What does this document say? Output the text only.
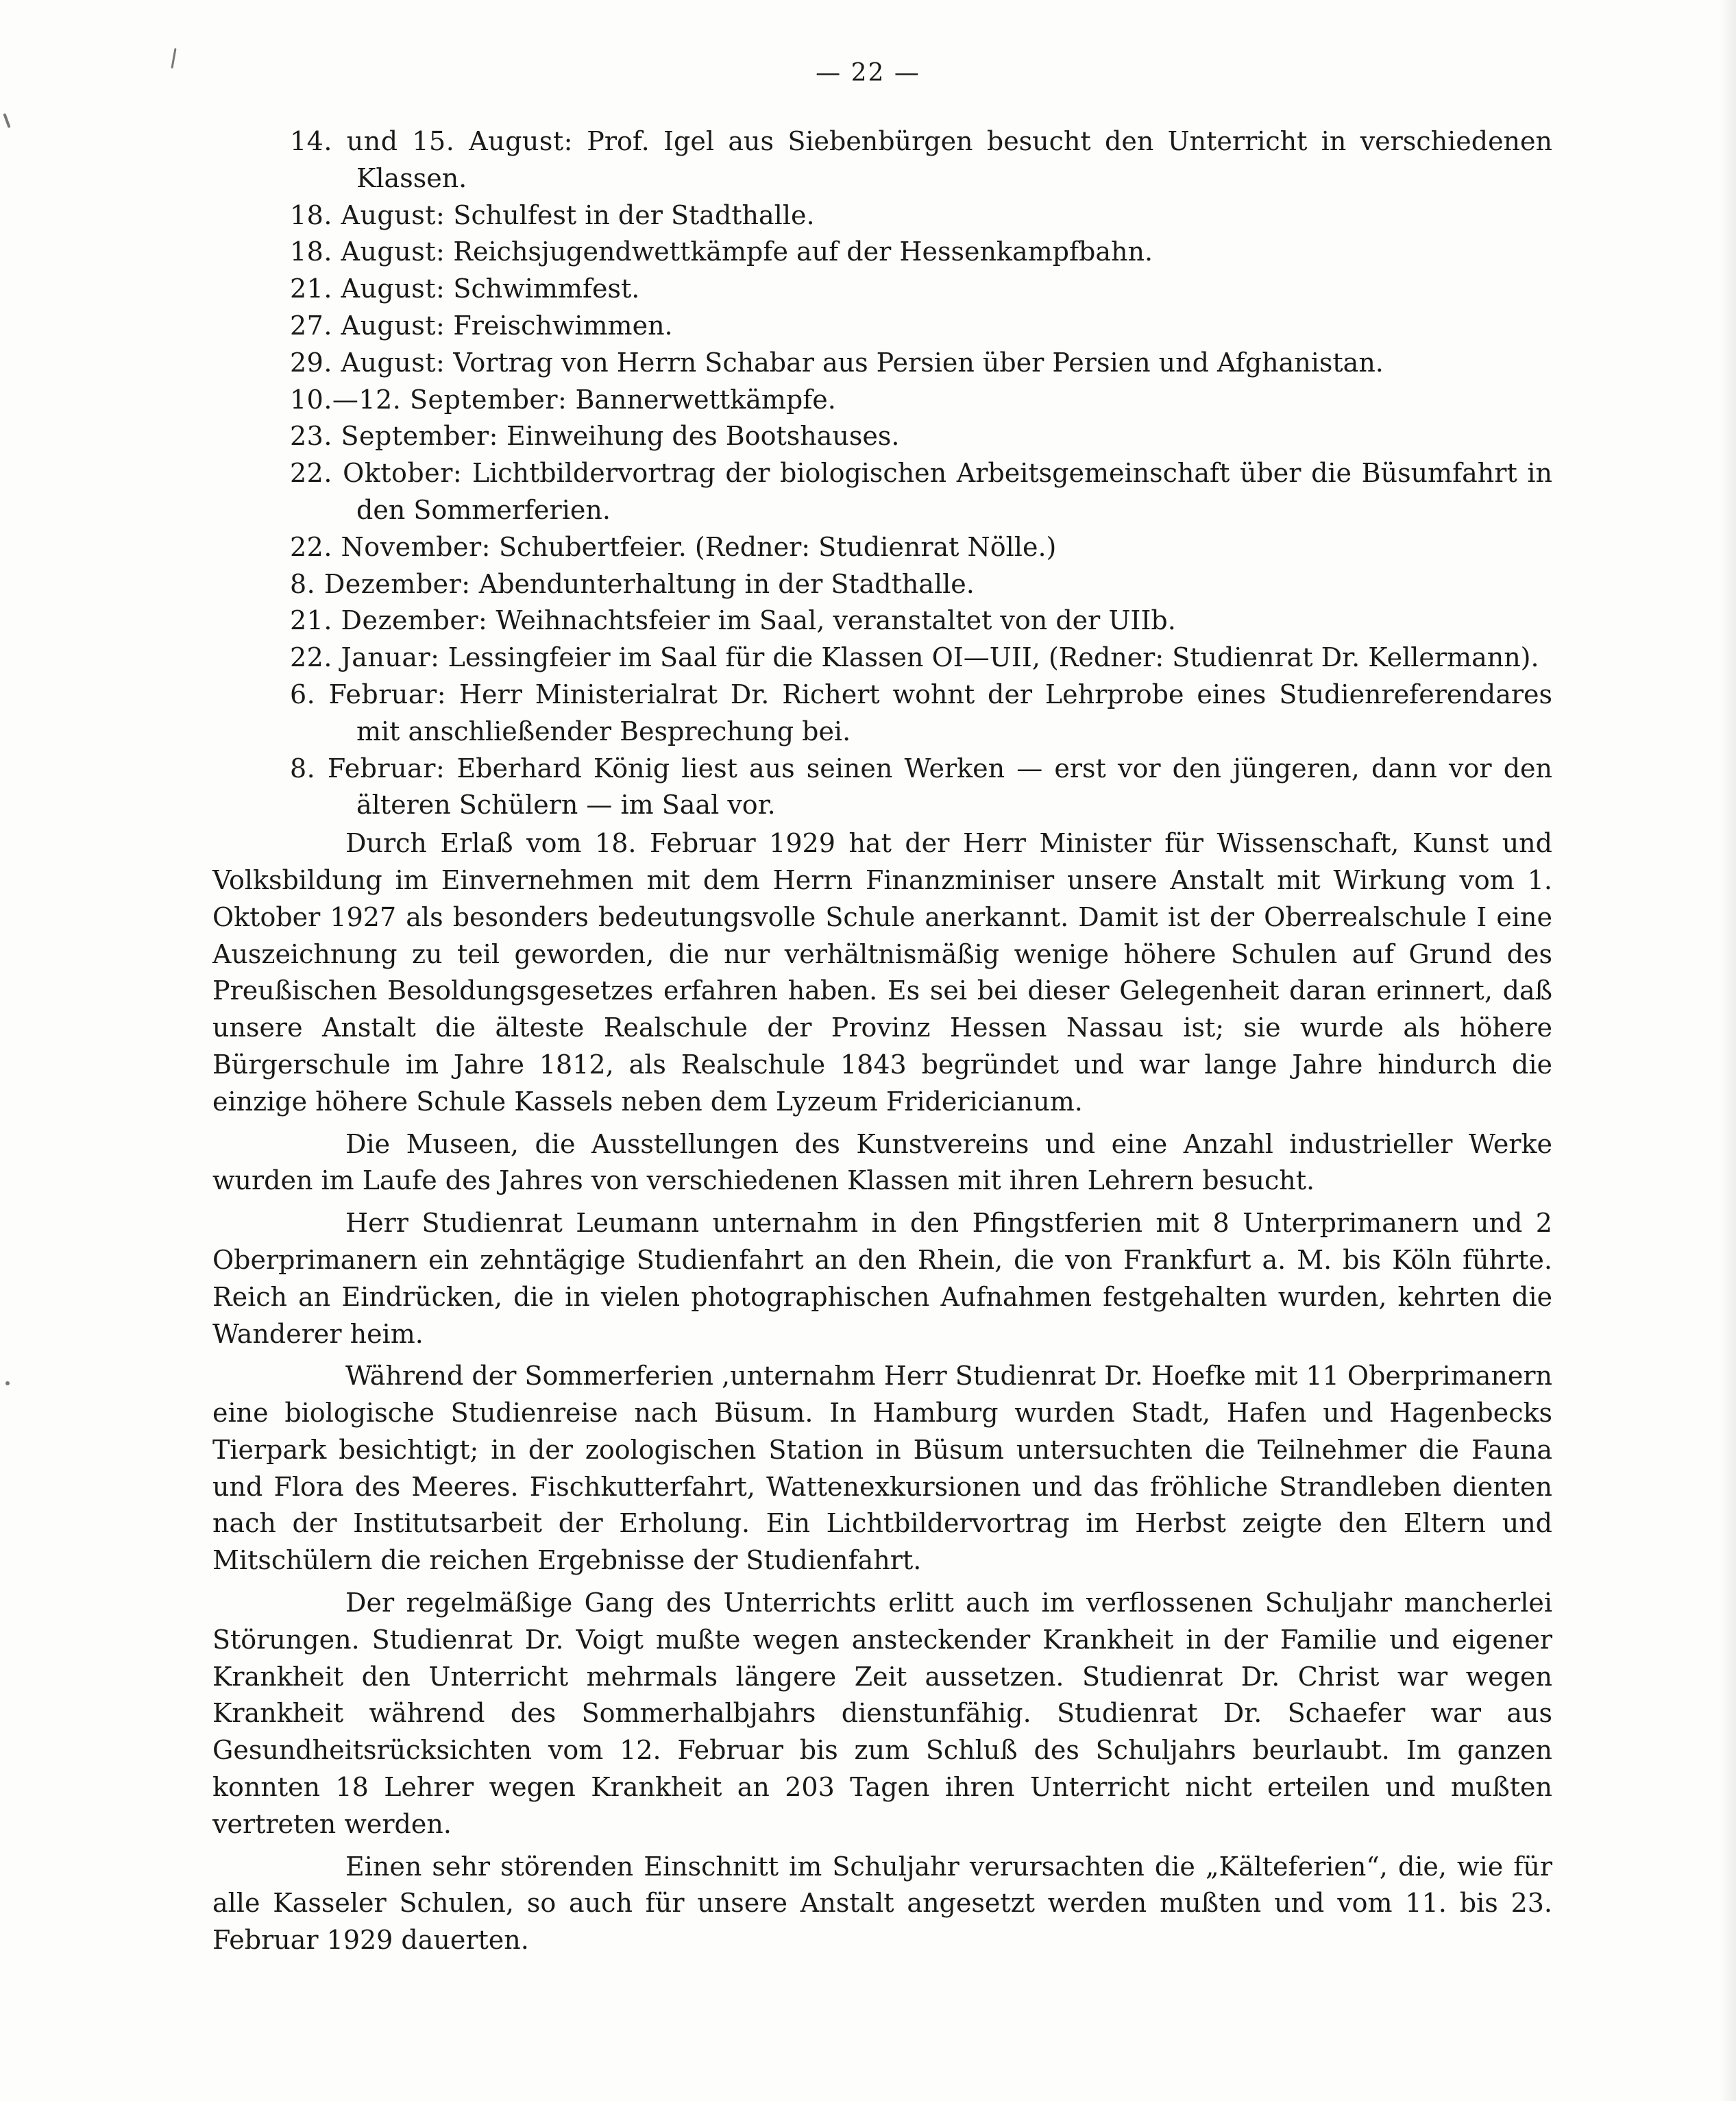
— 22 —
14. und 15. August: Prof. Igel aus Siebenbürgen besucht den Unterricht in verschiedenen Klassen.
18. August: Schulfest in der Stadthalle.
18. August: Reichsjugendwettkämpfe auf der Hessenkampfbahn.
21. August: Schwimmfest.
27. August: Freischwimmen.
29. August: Vortrag von Herrn Schabar aus Persien über Persien und Afghanistan.
10.—12. September: Bannerwettkämpfe.
23. September: Einweihung des Bootshauses.
22. Oktober: Lichtbildervortrag der biologischen Arbeitsgemeinschaft über die Büsumfahrt in den Sommerferien.
22. November: Schubertfeier. (Redner: Studienrat Nölle.)
8. Dezember: Abendunterhaltung in der Stadthalle.
21. Dezember: Weihnachtsfeier im Saal, veranstaltet von der UIIb.
22. Januar: Lessingfeier im Saal für die Klassen OI—UII, (Redner: Studienrat Dr. Kellermann).
6. Februar: Herr Ministerialrat Dr. Richert wohnt der Lehrprobe eines Studienreferendares mit anschließender Besprechung bei.
8. Februar: Eberhard König liest aus seinen Werken — erst vor den jüngeren, dann vor den älteren Schülern — im Saal vor.

Durch Erlaß vom 18. Februar 1929 hat der Herr Minister für Wissenschaft, Kunst und Volksbildung im Einvernehmen mit dem Herrn Finanzminiser unsere Anstalt mit Wirkung vom 1. Oktober 1927 als besonders bedeutungsvolle Schule anerkannt. Damit ist der Oberrealschule I eine Auszeichnung zu teil geworden, die nur verhältnismäßig wenige höhere Schulen auf Grund des Preußischen Besoldungsgesetzes erfahren haben. Es sei bei dieser Gelegenheit daran erinnert, daß unsere Anstalt die älteste Realschule der Provinz Hessen Nassau ist; sie wurde als höhere Bürgerschule im Jahre 1812, als Realschule 1843 begründet und war lange Jahre hindurch die einzige höhere Schule Kassels neben dem Lyzeum Fridericianum.

Die Museen, die Ausstellungen des Kunstvereins und eine Anzahl industrieller Werke wurden im Laufe des Jahres von verschiedenen Klassen mit ihren Lehrern besucht.

Herr Studienrat Leumann unternahm in den Pfingstferien mit 8 Unterprimanern und 2 Oberprimanern ein zehntägige Studienfahrt an den Rhein, die von Frankfurt a. M. bis Köln führte. Reich an Eindrücken, die in vielen photographischen Aufnahmen festgehalten wurden, kehrten die Wanderer heim.

Während der Sommerferien ,unternahm Herr Studienrat Dr. Hoefke mit 11 Oberprimanern eine biologische Studienreise nach Büsum. In Hamburg wurden Stadt, Hafen und Hagenbecks Tierpark besichtigt; in der zoologischen Station in Büsum untersuchten die Teilnehmer die Fauna und Flora des Meeres. Fischkutterfahrt, Wattenexkursionen und das fröhliche Strandleben dienten nach der Institutsarbeit der Erholung. Ein Lichtbildervortrag im Herbst zeigte den Eltern und Mitschülern die reichen Ergebnisse der Studienfahrt.

Der regelmäßige Gang des Unterrichts erlitt auch im verflossenen Schuljahr mancherlei Störungen. Studienrat Dr. Voigt mußte wegen ansteckender Krankheit in der Familie und eigener Krankheit den Unterricht mehrmals längere Zeit aussetzen. Studienrat Dr. Christ war wegen Krankheit während des Sommerhalbjahrs dienstunfähig. Studienrat Dr. Schaefer war aus Gesundheitsrücksichten vom 12. Februar bis zum Schluß des Schuljahrs beurlaubt. Im ganzen konnten 18 Lehrer wegen Krankheit an 203 Tagen ihren Unterricht nicht erteilen und mußten vertreten werden.

Einen sehr störenden Einschnitt im Schuljahr verursachten die „Kälteferien“, die, wie für alle Kasseler Schulen, so auch für unsere Anstalt angesetzt werden mußten und vom 11. bis 23. Februar 1929 dauerten.
